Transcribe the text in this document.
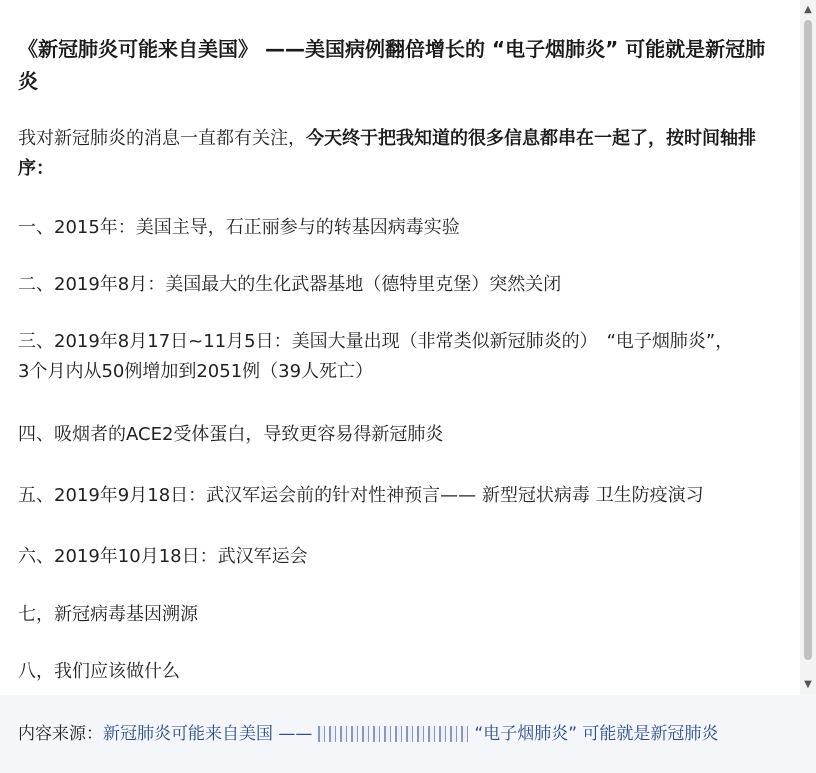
《新冠肺炎可能来自美国》 ——美国病例翻倍增长的 “电子烟肺炎” 可能就是新冠肺炎

我对新冠肺炎的消息一直都有关注，今天终于把我知道的很多信息都串在一起了，按时间轴排序：

一、2015年：美国主导，石正丽参与的转基因病毒实验

二、2019年8月：美国最大的生化武器基地（德特里克堡）突然关闭

三、2019年8月17日~11月5日：美国大量出现（非常类似新冠肺炎的）　“电子烟肺炎”，3个月内从50例增加到2051例（39人死亡）

四、吸烟者的ACE2受体蛋白，导致更容易得新冠肺炎

五、2019年9月18日：武汉军运会前的针对性神预言—— 新型冠状病毒 卫生防疫演习

六、2019年10月18日：武汉军运会

七，新冠病毒基因溯源

八，我们应该做什么

▲
▼
内容来源：新冠肺炎可能来自美国 ——	“电子烟肺炎” 可能就是新冠肺炎
